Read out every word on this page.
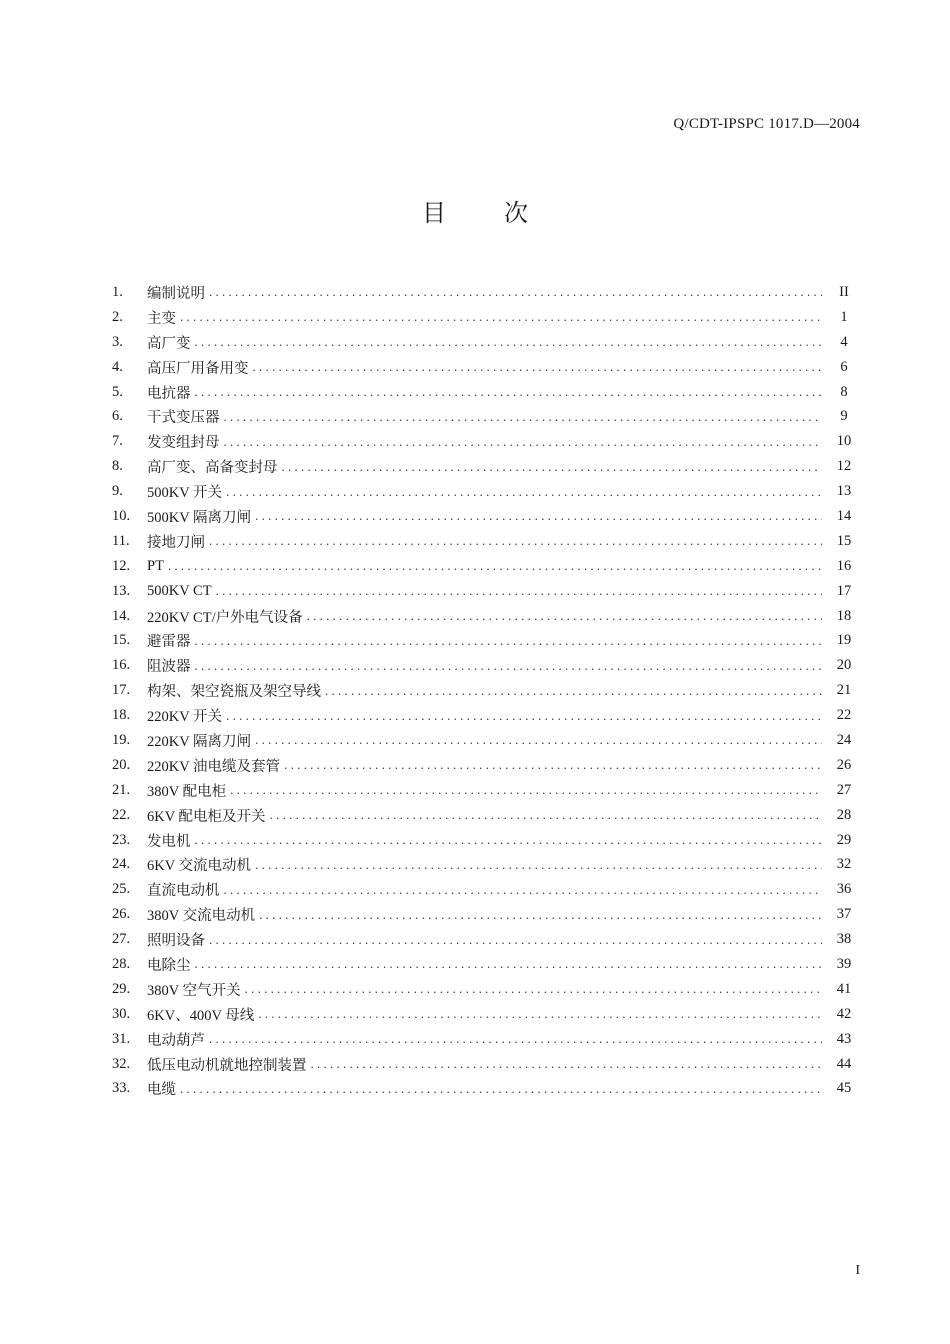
Q/CDT-IPSPC 1017.D—2004
目 次
1.	编制说明 . . .	II
2.	主变 . . .	1
3.	高厂变 . . .	4
4.	高压厂用备用变 . . .	6
5.	电抗器 . . .	8
6.	干式变压器 . . .	9
7.	发变组封母 . . .	10
8.	高厂变、高备变封母 . . .	12
9.	500KV 开关 . . .	13
10.	500KV 隔离刀闸 . . .	14
11.	接地刀闸 . . .	15
12.	PT . . .	16
13.	500KV CT . . .	17
14.	220KV CT/户外电气设备 . . .	18
15.	避雷器 . . .	19
16.	阻波器 . . .	20
17.	构架、架空瓷瓶及架空导线 . . .	21
18.	220KV 开关 . . .	22
19.	220KV 隔离刀闸 . . .	24
20.	220KV 油电缆及套管 . . .	26
21.	380V 配电柜 . . .	27
22.	6KV 配电柜及开关 . . .	28
23.	发电机 . . .	29
24.	6KV 交流电动机 . . .	32
25.	直流电动机 . . .	36
26.	380V 交流电动机 . . .	37
27.	照明设备 . . .	38
28.	电除尘 . . .	39
29.	380V 空气开关 . . .	41
30.	6KV、400V 母线 . . .	42
31.	电动葫芦 . . .	43
32.	低压电动机就地控制装置 . . .	44
33.	电缆 . . .	45
I
